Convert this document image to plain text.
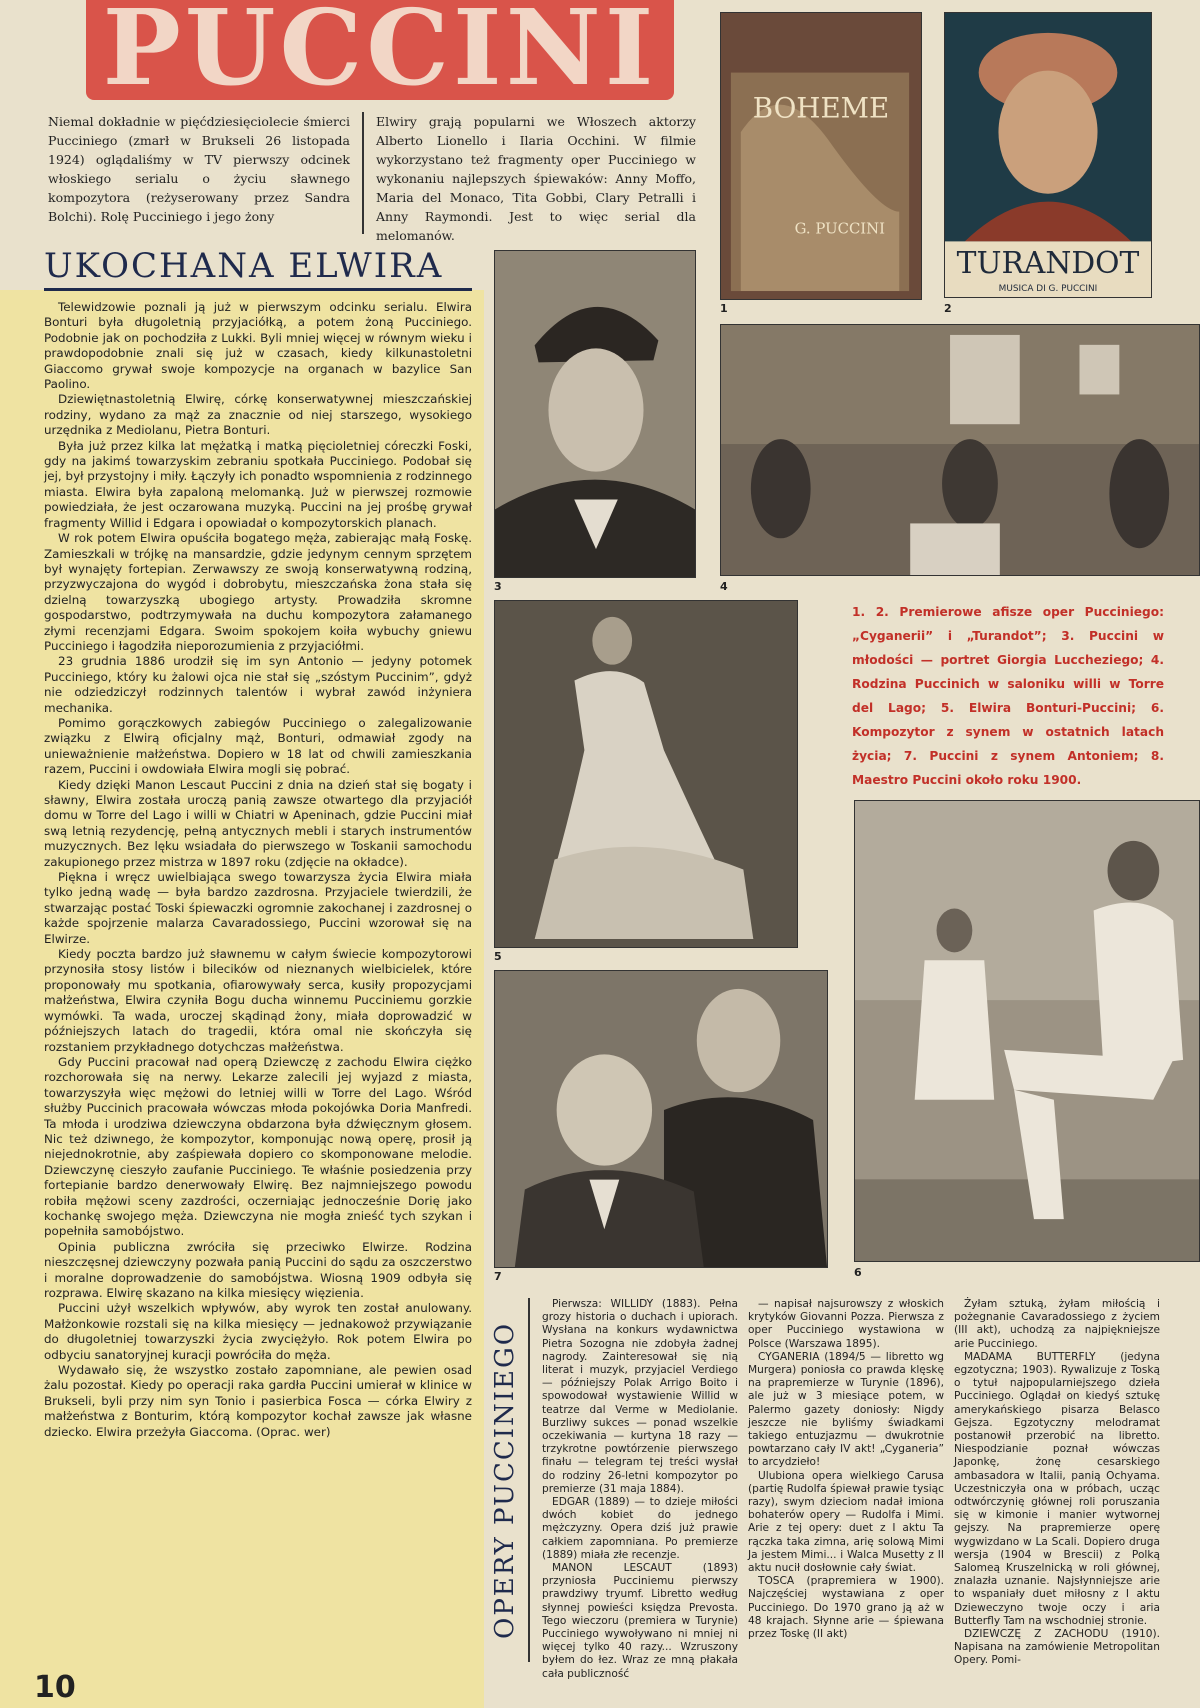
PUCCINI
Niemal dokładnie w pięćdziesięciolecie śmierci Pucciniego (zmarł w Brukseli 26 listopada 1924) oglądaliśmy w TV pierwszy odcinek włoskiego serialu o życiu sławnego kompozytora (reżyserowany przez Sandra Bolchi). Rolę Pucciniego i jego żony
Elwiry grają popularni we Włoszech aktorzy Alberto Lionello i Ilaria Occhini. W filmie wykorzystano też fragmenty oper Pucciniego w wykonaniu najlepszych śpiewaków: Anny Moffo, Maria del Monaco, Tita Gobbi, Clary Petralli i Anny Raymondi. Jest to więc serial dla melomanów.
UKOCHANA ELWIRA

Telewidzowie poznali ją już w pierwszym odcinku serialu. Elwira Bonturi była długoletnią przyjaciółką, a potem żoną Pucciniego. Podobnie jak on pochodziła z Lukki. Byli mniej więcej w równym wieku i prawdopodobnie znali się już w czasach, kiedy kilkunastoletni Giaccomo grywał swoje kompozycje na organach w bazylice San Paolino.

Dziewiętnastoletnią Elwirę, córkę konserwatywnej mieszczańskiej rodziny, wydano za mąż za znacznie od niej starszego, wysokiego urzędnika z Mediolanu, Pietra Bonturi.

Była już przez kilka lat mężatką i matką pięcioletniej córeczki Foski, gdy na jakimś towarzyskim zebraniu spotkała Pucciniego. Podobał się jej, był przystojny i miły. Łączyły ich ponadto wspomnienia z rodzinnego miasta. Elwira była zapaloną melomanką. Już w pierwszej rozmowie powiedziała, że jest oczarowana muzyką. Puccini na jej prośbę grywał fragmenty Willid i Edgara i opowiadał o kompozytorskich planach.

W rok potem Elwira opuściła bogatego męża, zabierając małą Foskę. Zamieszkali w trójkę na mansardzie, gdzie jedynym cennym sprzętem był wynajęty fortepian. Zerwawszy ze swoją konserwatywną rodziną, przyzwyczajona do wygód i dobrobytu, mieszczańska żona stała się dzielną towarzyszką ubogiego artysty. Prowadziła skromne gospodarstwo, podtrzymywała na duchu kompozytora załamanego złymi recenzjami Edgara. Swoim spokojem koiła wybuchy gniewu Pucciniego i łagodziła nieporozumienia z przyjaciółmi.

23 grudnia 1886 urodził się im syn Antonio — jedyny potomek Pucciniego, który ku żalowi ojca nie stał się „szóstym Puccinim”, gdyż nie odziedziczył rodzinnych talentów i wybrał zawód inżyniera mechanika.

Pomimo gorączkowych zabiegów Pucciniego o zalegalizowanie związku z Elwirą oficjalny mąż, Bonturi, odmawiał zgody na unieważnienie małżeństwa. Dopiero w 18 lat od chwili zamieszkania razem, Puccini i owdowiała Elwira mogli się pobrać.

Kiedy dzięki Manon Lescaut Puccini z dnia na dzień stał się bogaty i sławny, Elwira została uroczą panią zawsze otwartego dla przyjaciół domu w Torre del Lago i willi w Chiatri w Apeninach, gdzie Puccini miał swą letnią rezydencję, pełną antycznych mebli i starych instrumentów muzycznych. Bez lęku wsiadała do pierwszego w Toskanii samochodu zakupionego przez mistrza w 1897 roku (zdjęcie na okładce).

Piękna i wręcz uwielbiająca swego towarzysza życia Elwira miała tylko jedną wadę — była bardzo zazdrosna. Przyjaciele twierdzili, że stwarzając postać Toski śpiewaczki ogromnie zakochanej i zazdrosnej o każde spojrzenie malarza Cavaradossiego, Puccini wzorował się na Elwirze.

Kiedy poczta bardzo już sławnemu w całym świecie kompozytorowi przynosiła stosy listów i bilecików od nieznanych wielbicielek, które proponowały mu spotkania, ofiarowywały serca, kusiły propozycjami małżeństwa, Elwira czyniła Bogu ducha winnemu Pucciniemu gorzkie wymówki. Ta wada, uroczej skądinąd żony, miała doprowadzić w późniejszych latach do tragedii, która omal nie skończyła się rozstaniem przykładnego dotychczas małżeństwa.

Gdy Puccini pracował nad operą Dziewczę z zachodu Elwira ciężko rozchorowała się na nerwy. Lekarze zalecili jej wyjazd z miasta, towarzyszyła więc mężowi do letniej willi w Torre del Lago. Wśród służby Puccinich pracowała wówczas młoda pokojówka Doria Manfredi. Ta młoda i urodziwa dziewczyna obdarzona była dźwięcznym głosem. Nic też dziwnego, że kompozytor, komponując nową operę, prosił ją niejednokrotnie, aby zaśpiewała dopiero co skomponowane melodie. Dziewczynę cieszyło zaufanie Pucciniego. Te właśnie posiedzenia przy fortepianie bardzo denerwowały Elwirę. Bez najmniejszego powodu robiła mężowi sceny zazdrości, oczerniając jednocześnie Dorię jako kochankę swojego męża. Dziewczyna nie mogła znieść tych szykan i popełniła samobójstwo.

Opinia publiczna zwróciła się przeciwko Elwirze. Rodzina nieszczęsnej dziewczyny pozwała panią Puccini do sądu za oszczerstwo i moralne doprowadzenie do samobójstwa. Wiosną 1909 odbyła się rozprawa. Elwirę skazano na kilka miesięcy więzienia.

Puccini użył wszelkich wpływów, aby wyrok ten został anulowany. Małżonkowie rozstali się na kilka miesięcy — jednakowoż przywiązanie do długoletniej towarzyszki życia zwyciężyło. Rok potem Elwira po odbyciu sanatoryjnej kuracji powróciła do męża.

Wydawało się, że wszystko zostało zapomniane, ale pewien osad żalu pozostał. Kiedy po operacji raka gardła Puccini umierał w klinice w Brukseli, byli przy nim syn Tonio i pasierbica Fosca — córka Elwiry z małżeństwa z Bonturim, którą kompozytor kochał zawsze jak własne dziecko. Elwira przeżyła Giaccoma. (Oprac. wer)

10
BOHEME
G. PUCCINI
1
TURANDOT
MUSICA DI G. PUCCINI
2
3	4
5
6
7
1. 2. Premierowe afisze oper Pucciniego: „Cyganerii” i „Turandot”; 3. Puccini w młodości — portret Giorgia Luccheziego; 4. Rodzina Puccinich w saloniku willi w Torre del Lago; 5. Elwira Bonturi-Puccini; 6. Kompozytor z synem w ostatnich latach życia; 7. Puccini z synem Antoniem; 8. Maestro Puccini około roku 1900.
OPERY PUCCINIEGO

Pierwsza: WILLIDY (1883). Pełna grozy historia o duchach i upiorach. Wysłana na konkurs wydawnictwa Pietra Sozogna nie zdobyła żadnej nagrody. Zainteresował się nią literat i muzyk, przyjaciel Verdiego — późniejszy Polak Arrigo Boito i spowodował wystawienie Willid w teatrze dal Verme w Mediolanie. Burzliwy sukces — ponad wszelkie oczekiwania — kurtyna 18 razy — trzykrotne powtórzenie pierwszego finału — telegram tej treści wysłał do rodziny 26-letni kompozytor po premierze (31 maja 1884).

EDGAR (1889) — to dzieje miłości dwóch kobiet do jednego mężczyzny. Opera dziś już prawie całkiem zapomniana. Po premierze (1889) miała złe recenzje.

MANON LESCAUT (1893) przyniosła Pucciniemu pierwszy prawdziwy tryumf. Libretto według słynnej powieści księdza Prevosta. Tego wieczoru (premiera w Turynie) Pucciniego wywoływano ni mniej ni więcej tylko 40 razy... Wzruszony byłem do łez. Wraz ze mną płakała cała publiczność

— napisał najsurowszy z włoskich krytyków Giovanni Pozza. Pierwsza z oper Pucciniego wystawiona w Polsce (Warszawa 1895).

CYGANERIA (1894/5 — libretto wg Murgera) poniosła co prawda klęskę na prapremierze w Turynie (1896), ale już w 3 miesiące potem, w Palermo gazety doniosły: Nigdy jeszcze nie byliśmy świadkami takiego entuzjazmu — dwukrotnie powtarzano cały IV akt! „Cyganeria” to arcydzieło!

Ulubiona opera wielkiego Carusa (partię Rudolfa śpiewał prawie tysiąc razy), swym dzieciom nadał imiona bohaterów opery — Rudolfa i Mimi. Arie z tej opery: duet z I aktu Ta rączka taka zimna, arię solową Mimi Ja jestem Mimi... i Walca Musetty z II aktu nucił dosłownie cały świat.

TOSCA (prapremiera w 1900). Najczęściej wystawiana z oper Pucciniego. Do 1970 grano ją aż w 48 krajach. Słynne arie — śpiewana przez Toskę (II akt)

Żyłam sztuką, żyłam miłością i pożegnanie Cavaradossiego z życiem (III akt), uchodzą za najpiękniejsze arie Pucciniego.

MADAMA BUTTERFLY (jedyna egzotyczna; 1903). Rywalizuje z Toską o tytuł najpopularniejszego dzieła Pucciniego. Oglądał on kiedyś sztukę amerykańskiego pisarza Belasco Gejsza. Egzotyczny melodramat postanowił przerobić na libretto. Niespodzianie poznał wówczas Japonkę, żonę cesarskiego ambasadora w Italii, panią Ochyama. Uczestniczyła ona w próbach, ucząc odtwórczynię głównej roli poruszania się w kimonie i manier wytwornej gejszy. Na prapremierze operę wygwizdano w La Scali. Dopiero druga wersja (1904 w Brescii) z Polką Salomeą Kruszelnicką w roli głównej, znalazła uznanie. Najsłynniejsze arie to wspaniały duet miłosny z I aktu Dzieweczyno twoje oczy i aria Butterfly Tam na wschodniej stronie.

DZIEWCZĘ Z ZACHODU (1910). Napisana na zamówienie Metropolitan Opery. Pomi-
